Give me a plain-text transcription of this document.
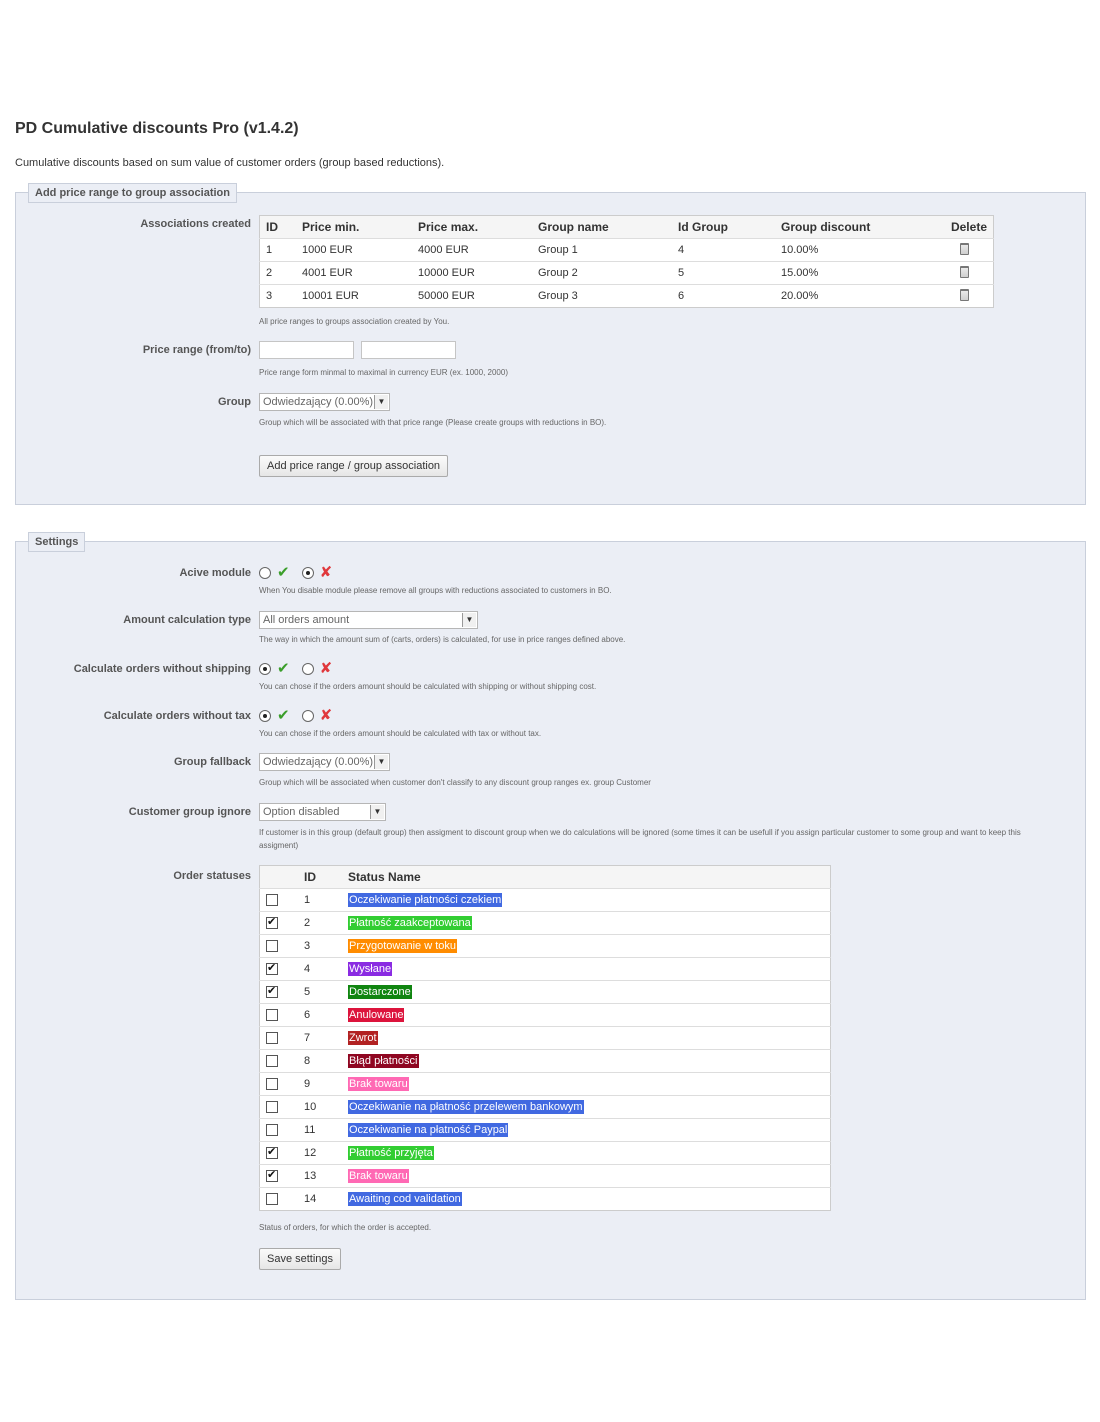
PD Cumulative discounts Pro (v1.4.2)
Cumulative discounts based on sum value of customer orders (group based reductions).
Add price range to group association
Associations created ID	Price min.	Price max.	Group name	Id Group	Group discount	Delete
1	1000 EUR	4000 EUR	Group 1	4	10.00%	
2	4001 EUR	10000 EUR	Group 2	5	15.00%	
3	10001 EUR	50000 EUR	Group 3	6	20.00%	
All price ranges to groups association created by You.
Price range (from/to)
Price range form minmal to maximal in currency EUR (ex. 1000, 2000)
Group	Odwiedzający (0.00%) ▼
Group which will be associated with that price range (Please create groups with reductions in BO).
Add price range / group association
Settings
Acive module	✔ ✘
When You disable module please remove all groups with reductions associated to customers in BO.
Amount calculation type	All orders amount	▼
The way in which the amount sum of (carts, orders) is calculated, for use in price ranges defined above.
Calculate orders without shipping	✔ ✘
You can chose if the orders amount should be calculated with shipping or without shipping cost.
Calculate orders without tax	✔ ✘
You can chose if the orders amount should be calculated with tax or without tax.
Group fallback	Odwiedzający (0.00%) ▼
Group which will be associated when customer don't classify to any discount group ranges ex. group Customer
Customer group ignore	Option disabled	▼
If customer is in this group (default group) then assigment to discount group when we do calculations will be ignored (some times it can be usefull if you assign particular customer to some group and want to keep this assigment)
Order statuses
		ID	Status Name
	1	Oczekiwanie płatności czekiem
✔	2	Płatność zaakceptowana
	3	Przygotowanie w toku
✔	4	Wysłane
✔	5	Dostarczone
	6	Anulowane
	7	Zwrot
	8	Błąd płatności
	9	Brak towaru
	10	Oczekiwanie na płatność przelewem bankowym
	11	Oczekiwanie na płatność Paypal
✔	12	Płatność przyjęta
✔	13	Brak towaru
	14	Awaiting cod validation
Status of orders, for which the order is accepted.
Save settings
